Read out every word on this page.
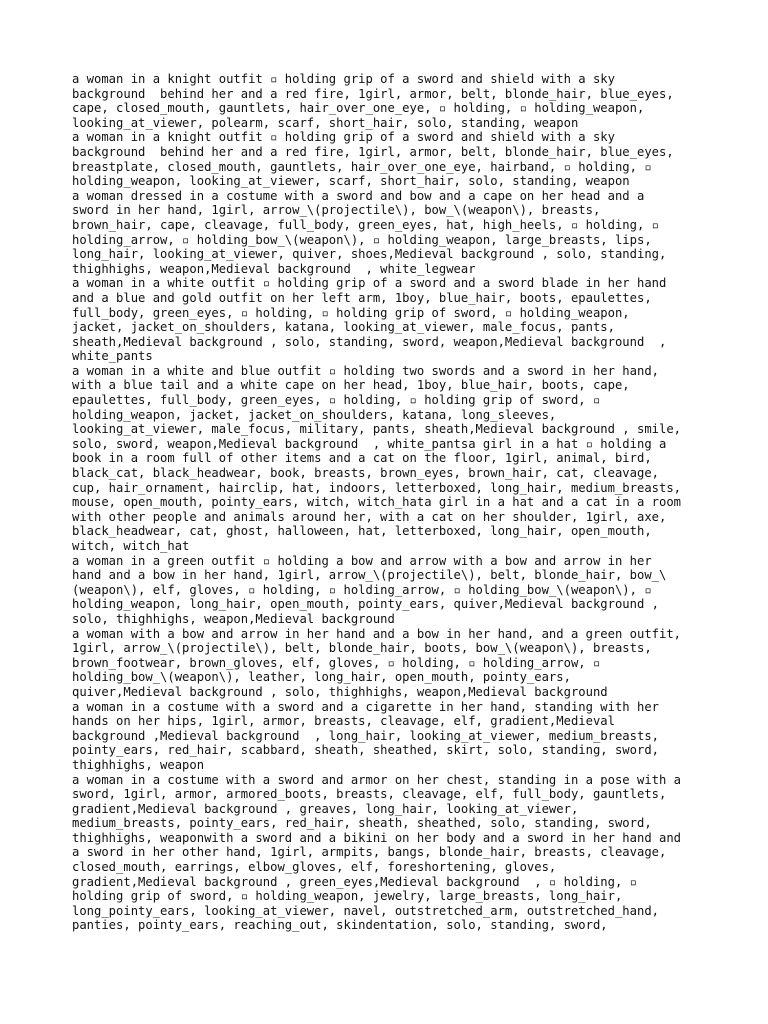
a woman in a knight outfit ▫ holding grip of a sword and shield with a sky
background  behind her and a red fire, 1girl, armor, belt, blonde_hair, blue_eyes,
cape, closed_mouth, gauntlets, hair_over_one_eye, ▫ holding, ▫ holding_weapon,
looking_at_viewer, polearm, scarf, short_hair, solo, standing, weapon
a woman in a knight outfit ▫ holding grip of a sword and shield with a sky
background  behind her and a red fire, 1girl, armor, belt, blonde_hair, blue_eyes,
breastplate, closed_mouth, gauntlets, hair_over_one_eye, hairband, ▫ holding, ▫
holding_weapon, looking_at_viewer, scarf, short_hair, solo, standing, weapon
a woman dressed in a costume with a sword and bow and a cape on her head and a
sword in her hand, 1girl, arrow_\(projectile\), bow_\(weapon\), breasts,
brown_hair, cape, cleavage, full_body, green_eyes, hat, high_heels, ▫ holding, ▫
holding_arrow, ▫ holding_bow_\(weapon\), ▫ holding_weapon, large_breasts, lips,
long_hair, looking_at_viewer, quiver, shoes,Medieval background , solo, standing,
thighhighs, weapon,Medieval background  , white_legwear
a woman in a white outfit ▫ holding grip of a sword and a sword blade in her hand
and a blue and gold outfit on her left arm, 1boy, blue_hair, boots, epaulettes,
full_body, green_eyes, ▫ holding, ▫ holding grip of sword, ▫ holding_weapon,
jacket, jacket_on_shoulders, katana, looking_at_viewer, male_focus, pants,
sheath,Medieval background , solo, standing, sword, weapon,Medieval background  ,
white_pants
a woman in a white and blue outfit ▫ holding two swords and a sword in her hand,
with a blue tail and a white cape on her head, 1boy, blue_hair, boots, cape,
epaulettes, full_body, green_eyes, ▫ holding, ▫ holding grip of sword, ▫
holding_weapon, jacket, jacket_on_shoulders, katana, long_sleeves,
looking_at_viewer, male_focus, military, pants, sheath,Medieval background , smile,
solo, sword, weapon,Medieval background  , white_pantsa girl in a hat ▫ holding a
book in a room full of other items and a cat on the floor, 1girl, animal, bird,
black_cat, black_headwear, book, breasts, brown_eyes, brown_hair, cat, cleavage,
cup, hair_ornament, hairclip, hat, indoors, letterboxed, long_hair, medium_breasts,
mouse, open_mouth, pointy_ears, witch, witch_hata girl in a hat and a cat in a room
with other people and animals around her, with a cat on her shoulder, 1girl, axe,
black_headwear, cat, ghost, halloween, hat, letterboxed, long_hair, open_mouth,
witch, witch_hat
a woman in a green outfit ▫ holding a bow and arrow with a bow and arrow in her
hand and a bow in her hand, 1girl, arrow_\(projectile\), belt, blonde_hair, bow_\
(weapon\), elf, gloves, ▫ holding, ▫ holding_arrow, ▫ holding_bow_\(weapon\), ▫
holding_weapon, long_hair, open_mouth, pointy_ears, quiver,Medieval background ,
solo, thighhighs, weapon,Medieval background
a woman with a bow and arrow in her hand and a bow in her hand, and a green outfit,
1girl, arrow_\(projectile\), belt, blonde_hair, boots, bow_\(weapon\), breasts,
brown_footwear, brown_gloves, elf, gloves, ▫ holding, ▫ holding_arrow, ▫
holding_bow_\(weapon\), leather, long_hair, open_mouth, pointy_ears,
quiver,Medieval background , solo, thighhighs, weapon,Medieval background
a woman in a costume with a sword and a cigarette in her hand, standing with her
hands on her hips, 1girl, armor, breasts, cleavage, elf, gradient,Medieval
background ,Medieval background  , long_hair, looking_at_viewer, medium_breasts,
pointy_ears, red_hair, scabbard, sheath, sheathed, skirt, solo, standing, sword,
thighhighs, weapon
a woman in a costume with a sword and armor on her chest, standing in a pose with a
sword, 1girl, armor, armored_boots, breasts, cleavage, elf, full_body, gauntlets,
gradient,Medieval background , greaves, long_hair, looking_at_viewer,
medium_breasts, pointy_ears, red_hair, sheath, sheathed, solo, standing, sword,
thighhighs, weaponwith a sword and a bikini on her body and a sword in her hand and
a sword in her other hand, 1girl, armpits, bangs, blonde_hair, breasts, cleavage,
closed_mouth, earrings, elbow_gloves, elf, foreshortening, gloves,
gradient,Medieval background , green_eyes,Medieval background  , ▫ holding, ▫
holding grip of sword, ▫ holding_weapon, jewelry, large_breasts, long_hair,
long_pointy_ears, looking_at_viewer, navel, outstretched_arm, outstretched_hand,
panties, pointy_ears, reaching_out, skindentation, solo, standing, sword,
